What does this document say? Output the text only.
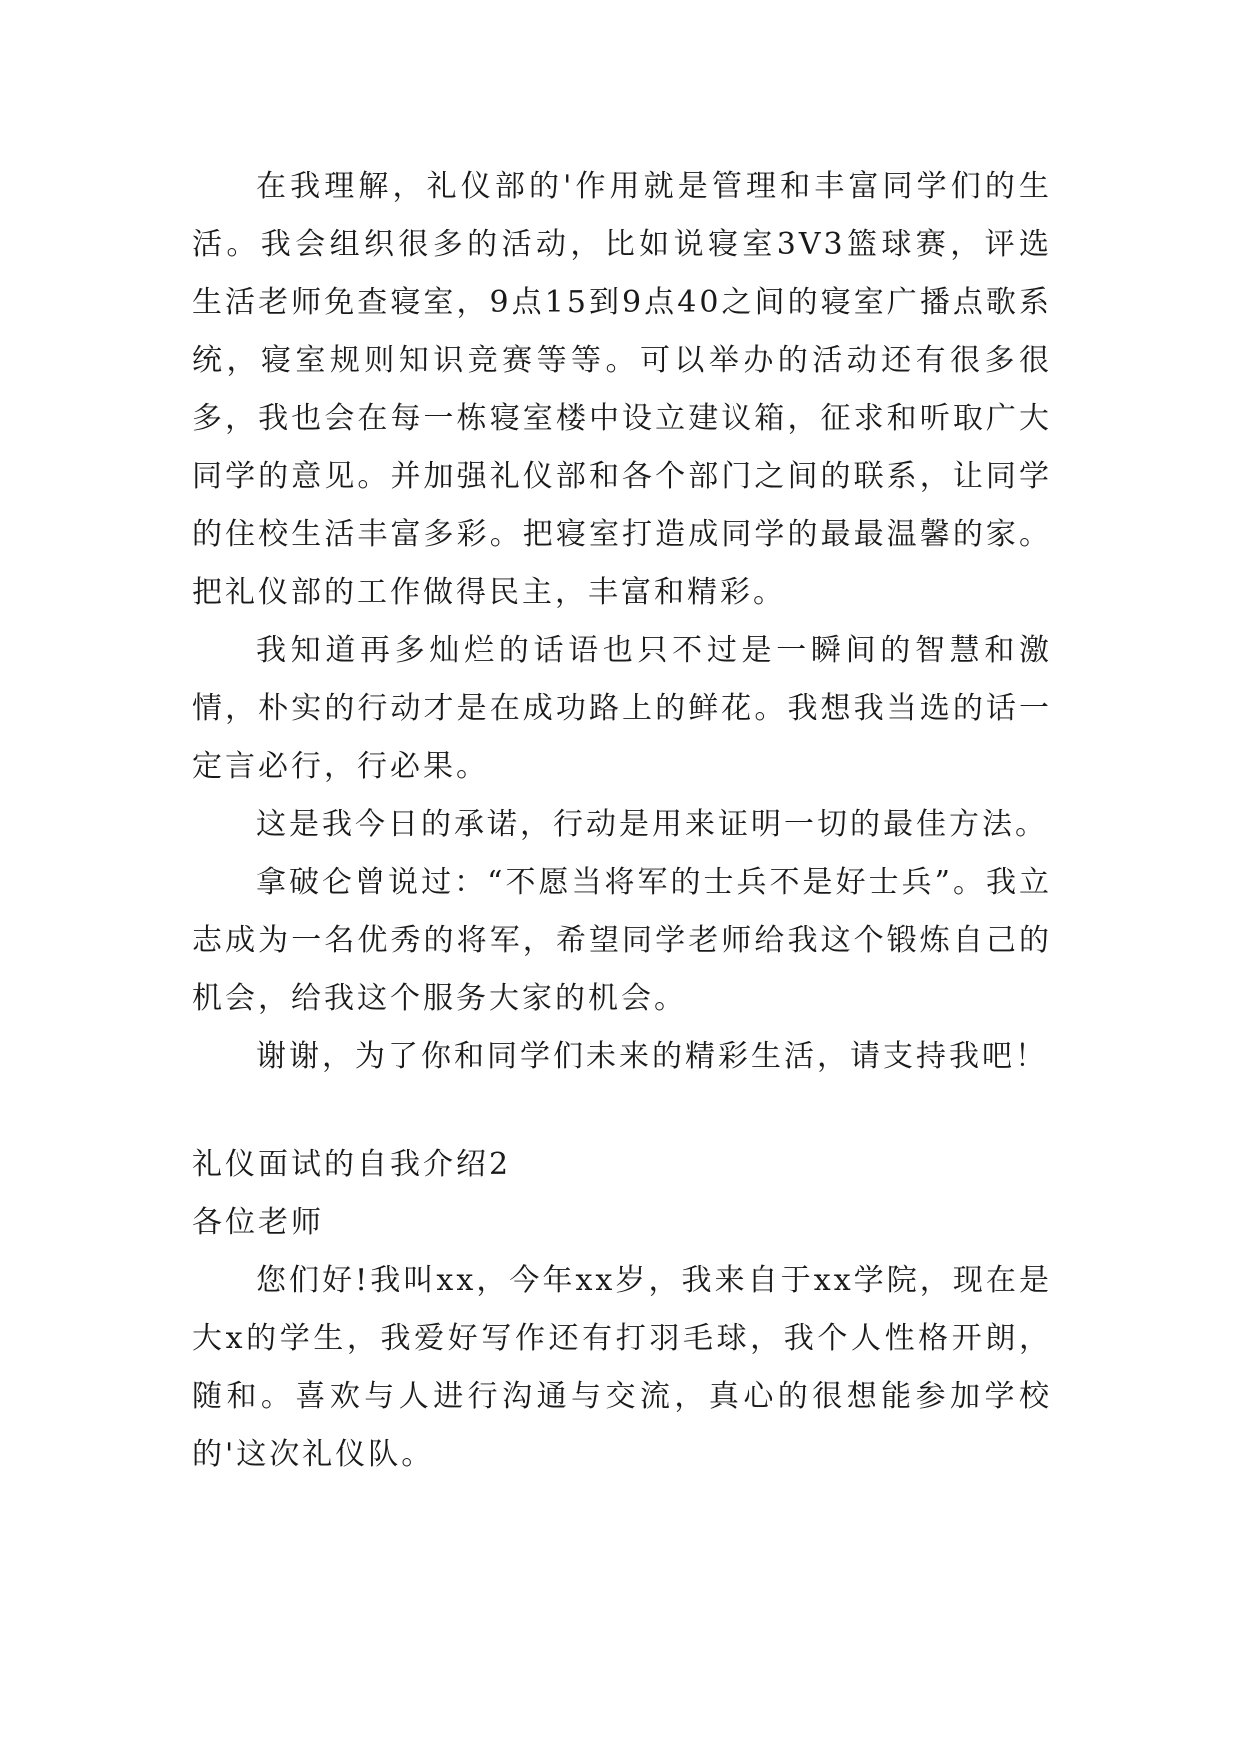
在我理解，礼仪部的'作用就是管理和丰富同学们的生活。我会组织很多的活动，比如说寝室3V3篮球赛，评选生活老师免查寝室，9点15到9点40之间的寝室广播点歌系统，寝室规则知识竞赛等等。可以举办的活动还有很多很多，我也会在每一栋寝室楼中设立建议箱，征求和听取广大同学的意见。并加强礼仪部和各个部门之间的联系，让同学的住校生活丰富多彩。把寝室打造成同学的最最温馨的家。把礼仪部的工作做得民主，丰富和精彩。

我知道再多灿烂的话语也只不过是一瞬间的智慧和激情，朴实的行动才是在成功路上的鲜花。我想我当选的话一定言必行，行必果。

这是我今日的承诺，行动是用来证明一切的最佳方法。

拿破仑曾说过：“不愿当将军的士兵不是好士兵”。我立志成为一名优秀的将军，希望同学老师给我这个锻炼自己的机会，给我这个服务大家的机会。

谢谢，为了你和同学们未来的精彩生活，请支持我吧！

礼仪面试的自我介绍2

各位老师

您们好!我叫xx，今年xx岁，我来自于xx学院，现在是大x的学生，我爱好写作还有打羽毛球，我个人性格开朗，随和。喜欢与人进行沟通与交流，真心的很想能参加学校的'这次礼仪队。
